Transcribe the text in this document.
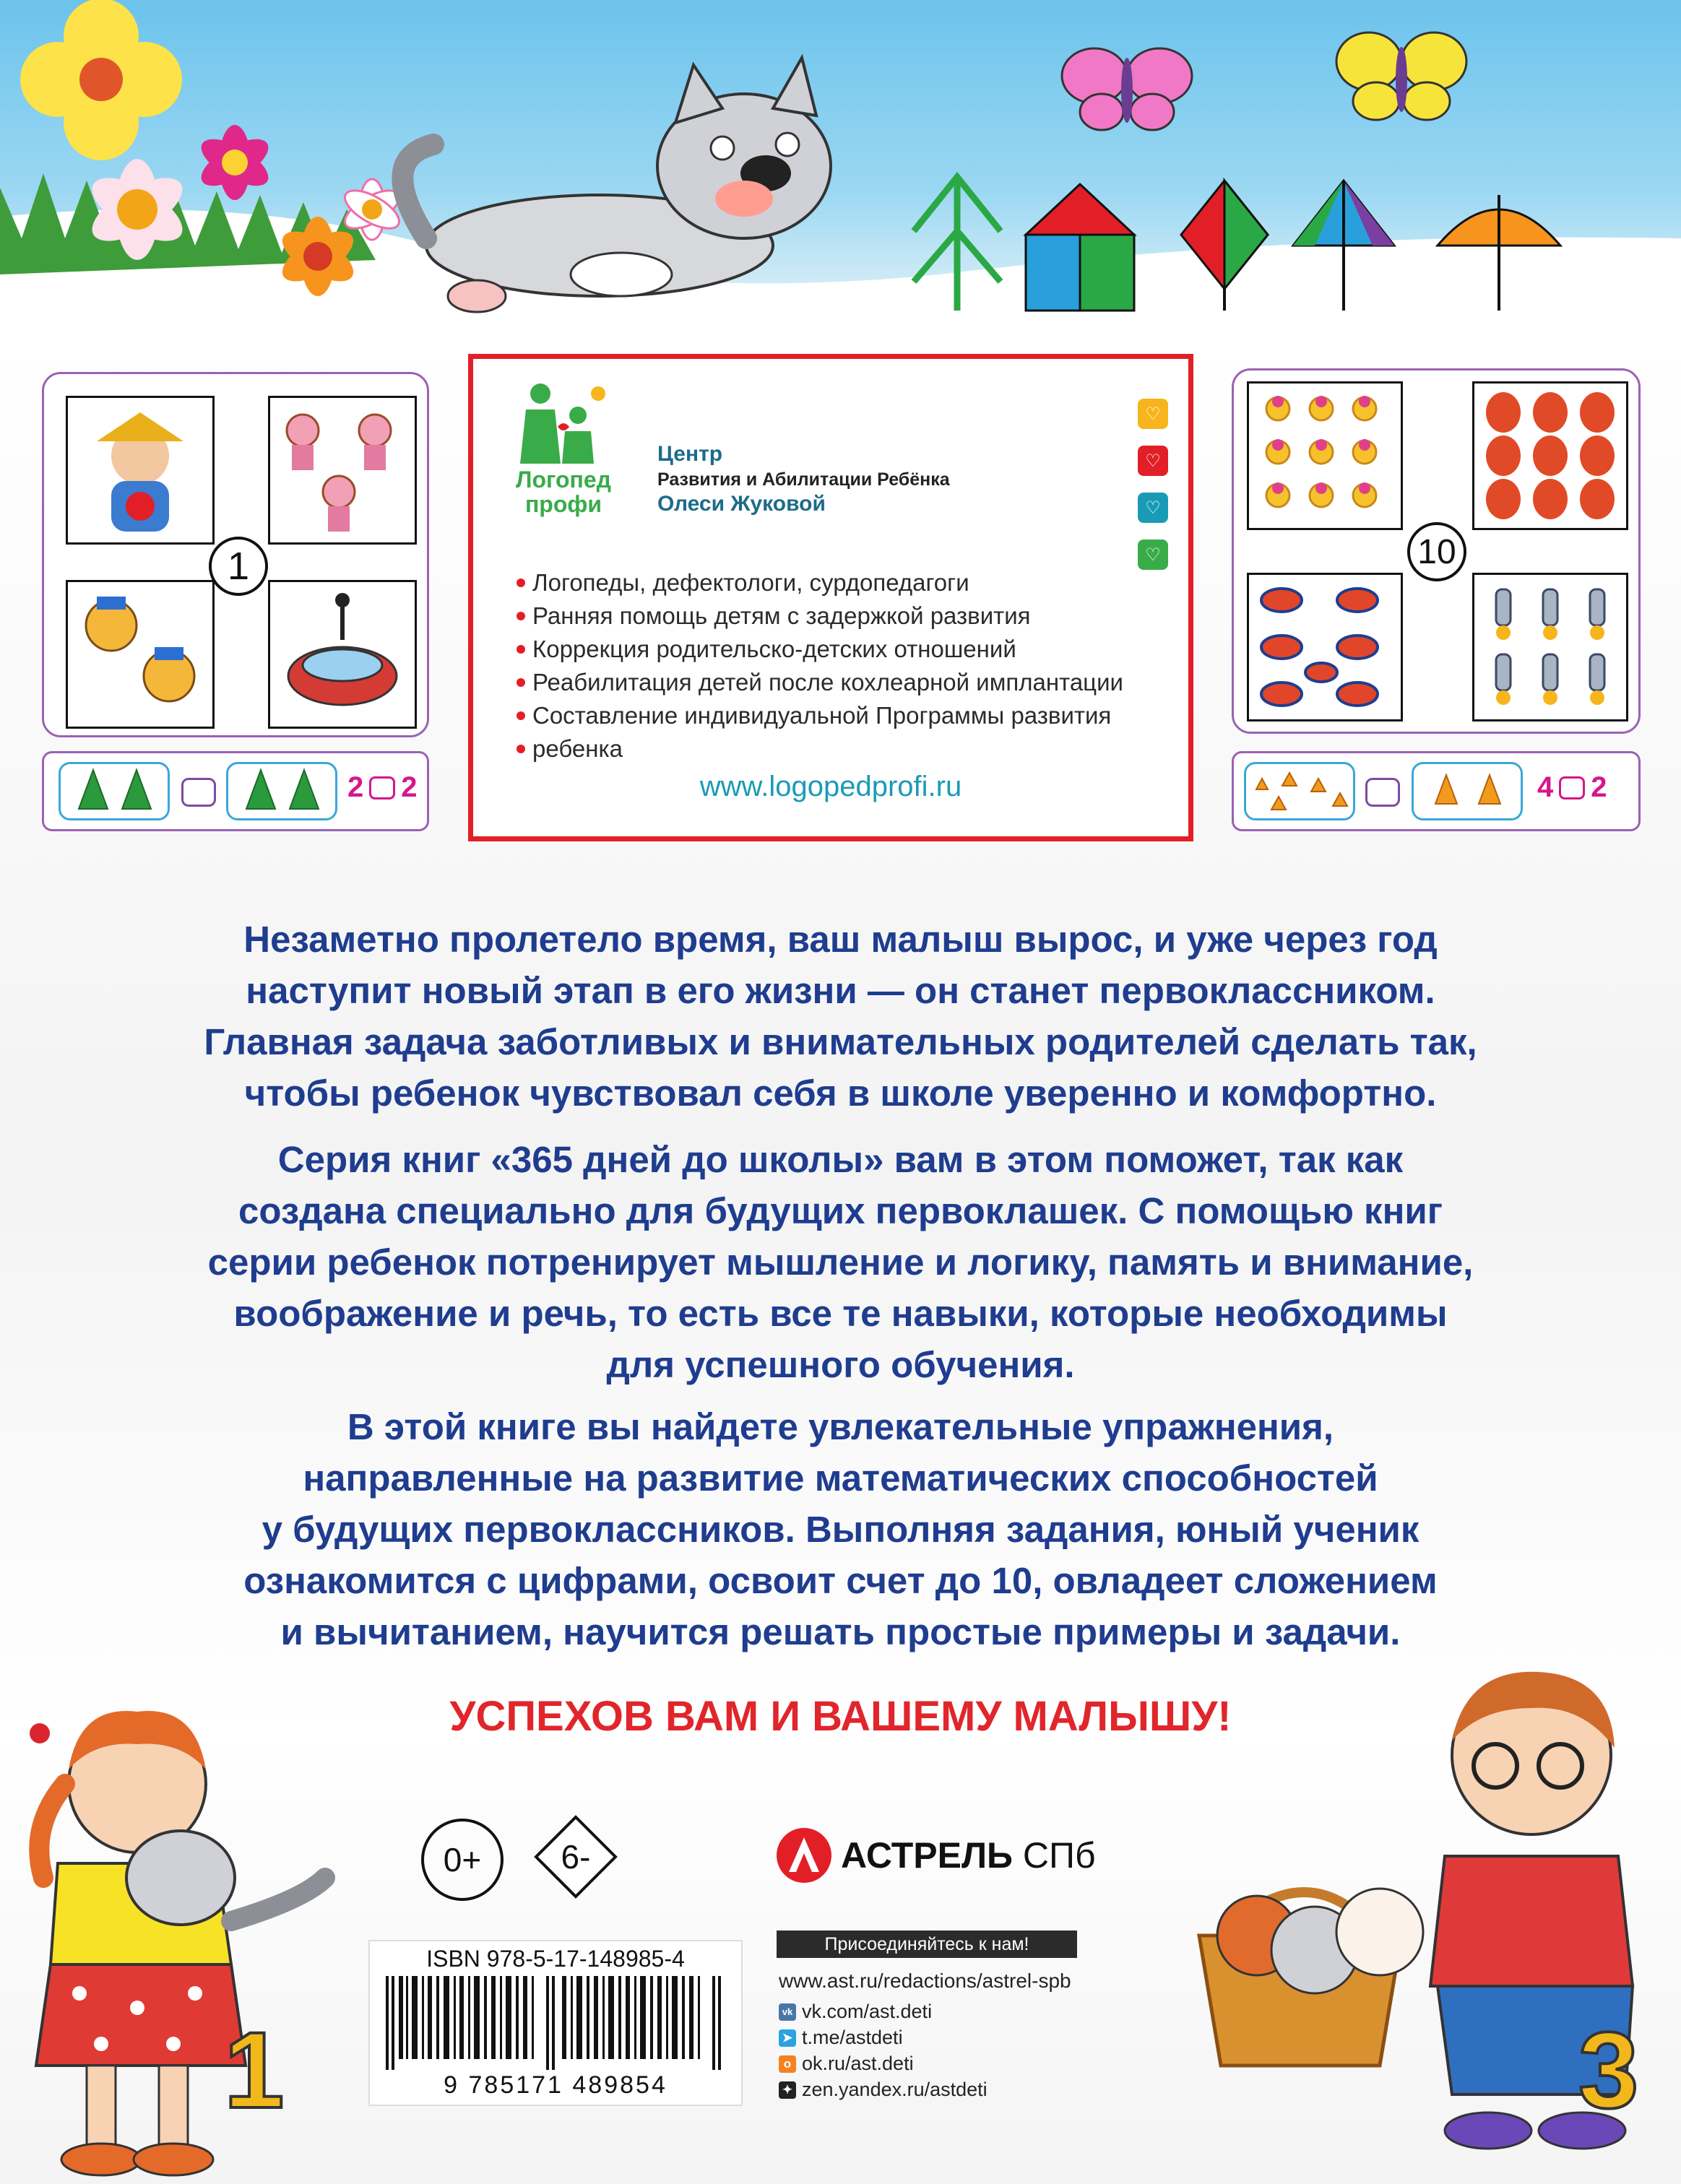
1
2 2
Логопед
профи
Центр
Развития и Абилитации Ребёнка
Олеси Жуковой
♡
♡
♡
♡
Логопеды, дефектологи, сурдопедагоги
Ранняя помощь детям с задержкой развития
Коррекция родительско-детских отношений
Реабилитация детей после кохлеарной имплантации
Составление индивидуальной Программы развития
ребенка
www.logopedprofi.ru
10
4 2
Незаметно пролетело время, ваш малыш вырос, и уже через год
наступит новый этап в его жизни — он станет первоклассником.
Главная задача заботливых и внимательных родителей сделать так,
чтобы ребенок чувствовал себя в школе уверенно и комфортно.
Серия книг «365 дней до школы» вам в этом поможет, так как
создана специально для будущих первоклашек. С помощью книг
серии ребенок потренирует мышление и логику, память и внимание,
воображение и речь, то есть все те навыки, которые необходимы
для успешного обучения.
В этой книге вы найдете увлекательные упражнения,
направленные на развитие математических способностей
у будущих первоклассников. Выполняя задания, юный ученик
ознакомится с цифрами, освоит счет до 10, овладеет сложением
и вычитанием, научится решать простые примеры и задачи.
УСПЕХОВ ВАМ И ВАШЕМУ МАЛЫШУ!
1	3
0+ 6-
ISBN 978-5-17-148985-4
9 785171 489854
АСТРЕЛЬ СПб
Присоединяйтесь к нам!
www.ast.ru/redactions/astrel-spb
vk vk.com/ast.deti
➤ t.me/astdeti
о ok.ru/ast.deti
✦ zen.yandex.ru/astdeti
